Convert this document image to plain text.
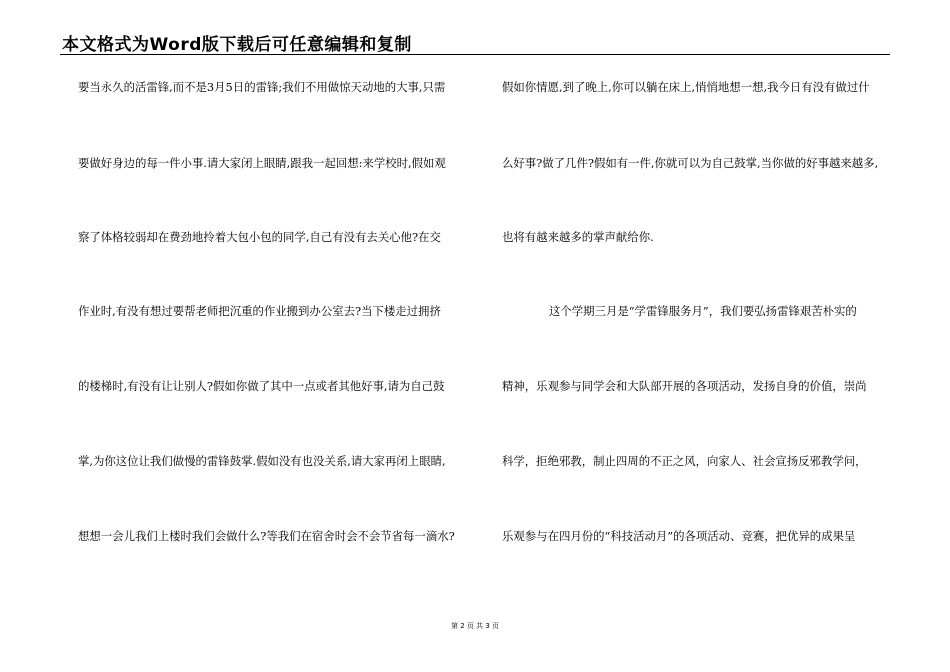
本文格式为Word版下载后可任意编辑和复制
要当永久的活雷锋,而不是3月5日的雷锋;我们不用做惊天动地的大事,只需
要做好身边的每一件小事.请大家闭上眼睛,跟我一起回想:来学校时,假如观
察了体格较弱却在费劲地拎着大包小包的同学,自己有没有去关心他?在交
作业时,有没有想过要帮老师把沉重的作业搬到办公室去?当下楼走过拥挤
的楼梯时,有没有让让别人?假如你做了其中一点或者其他好事,请为自己鼓
掌,为你这位让我们做慢的雷锋鼓掌.假如没有也没关系,请大家再闭上眼睛,
想想一会儿我们上楼时我们会做什么?等我们在宿舍时会不会节省每一滴水?
假如你情愿,到了晚上,你可以躺在床上,悄悄地想一想,我今日有没有做过什
么好事?做了几件?假如有一件,你就可以为自己鼓掌,当你做的好事越来越多,
也将有越来越多的掌声献给你.
这个学期三月是“学雷锋服务月”，我们要弘扬雷锋艰苦朴实的
精神，乐观参与同学会和大队部开展的各项活动，发扬自身的价值，崇尚
科学，拒绝邪教，制止四周的不正之风，向家人、社会宣扬反邪教学问，
乐观参与在四月份的“科技活动月”的各项活动、竞赛，把优异的成果呈
第 2 页 共 3 页
